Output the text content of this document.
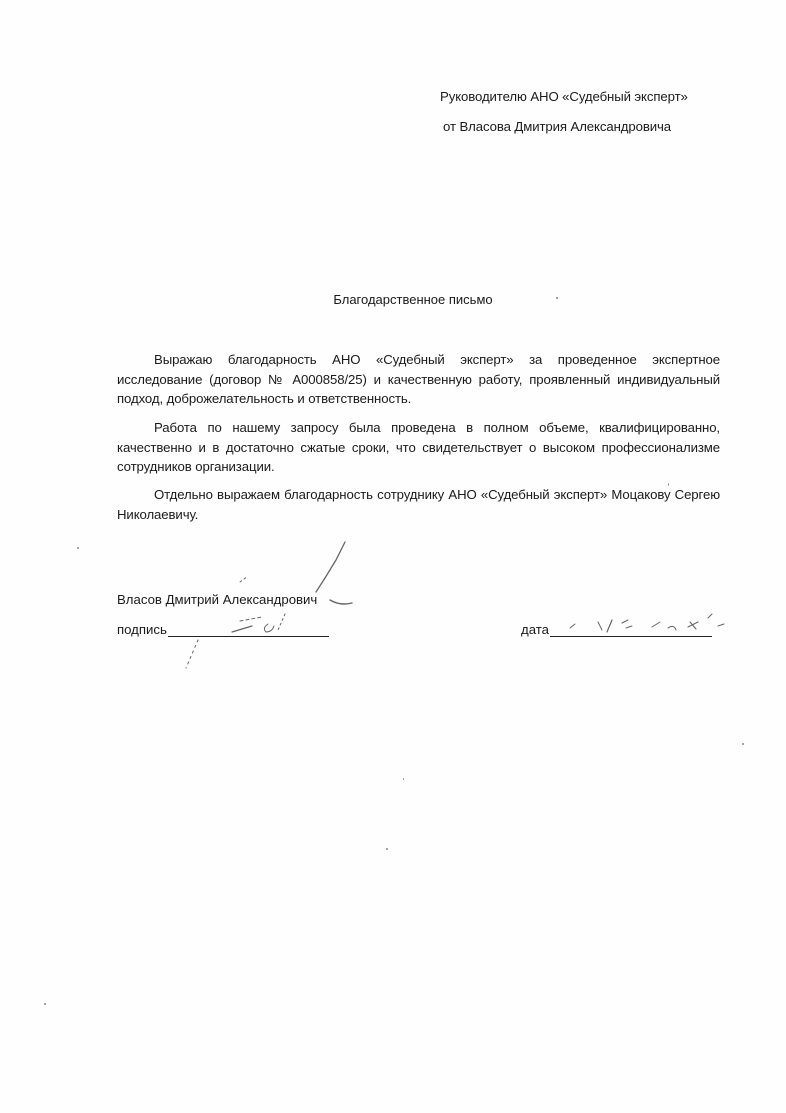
Руководителю АНО «Судебный эксперт»
от Власова Дмитрия Александровича
Благодарственное письмо
Выражаю благодарность АНО «Судебный эксперт» за проведенное экспертное исследование (договор № А000858/25) и качественную работу, проявленный индивидуальный подход, доброжелательность и ответственность.
Работа по нашему запросу была проведена в полном объеме, квалифицированно, качественно и в достаточно сжатые сроки, что свидетельствует о высоком профессионализме сотрудников организации.
Отдельно выражаем благодарность сотруднику АНО «Судебный эксперт» Моцакову Сергею Николаевичу.
Власов Дмитрий Александрович
подпись	дата
